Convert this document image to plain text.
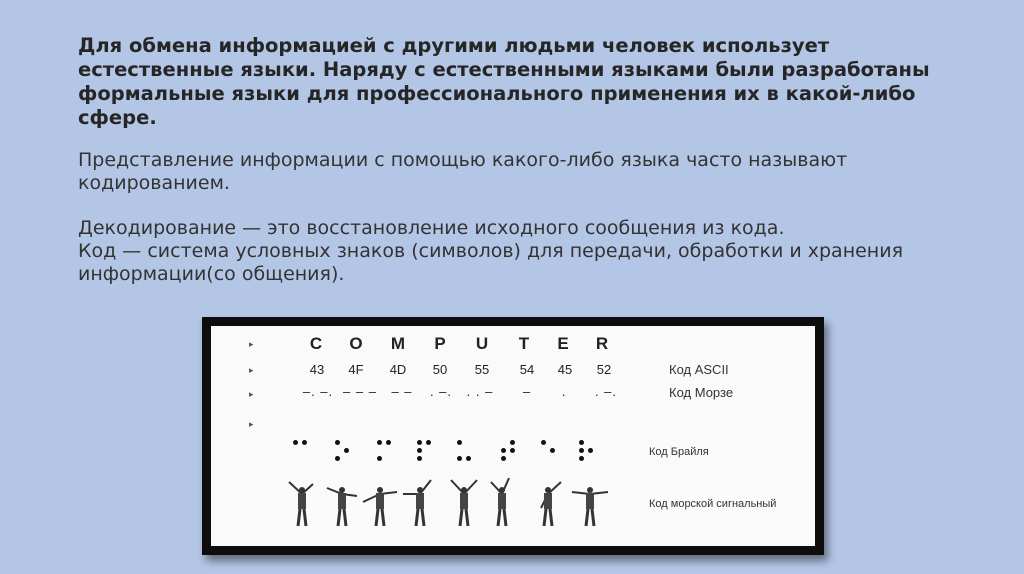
Для обмена информацией с другими людьми человек использует естественные языки. Наряду с естественными языками были разработаны формальные языки для профессионального применения их в какой-либо сфере.

Представление информации с помощью какого-либо языка часто называют кодированием.

Декодирование — это восстановление исходного сообщения из кода.
Код — система условных знаков (символов) для передачи, обработки и хранения информации(со общения).
▸
▸
▸
▸
C	O	M	P	U	T	E	R
43	4F	4D	50	55	54	45	52	Код ASCII
–. –. – – –	– –	. –.	. . –	–	.	. –.	Код Морзе
Код Брайля
Код морской сигнальный
